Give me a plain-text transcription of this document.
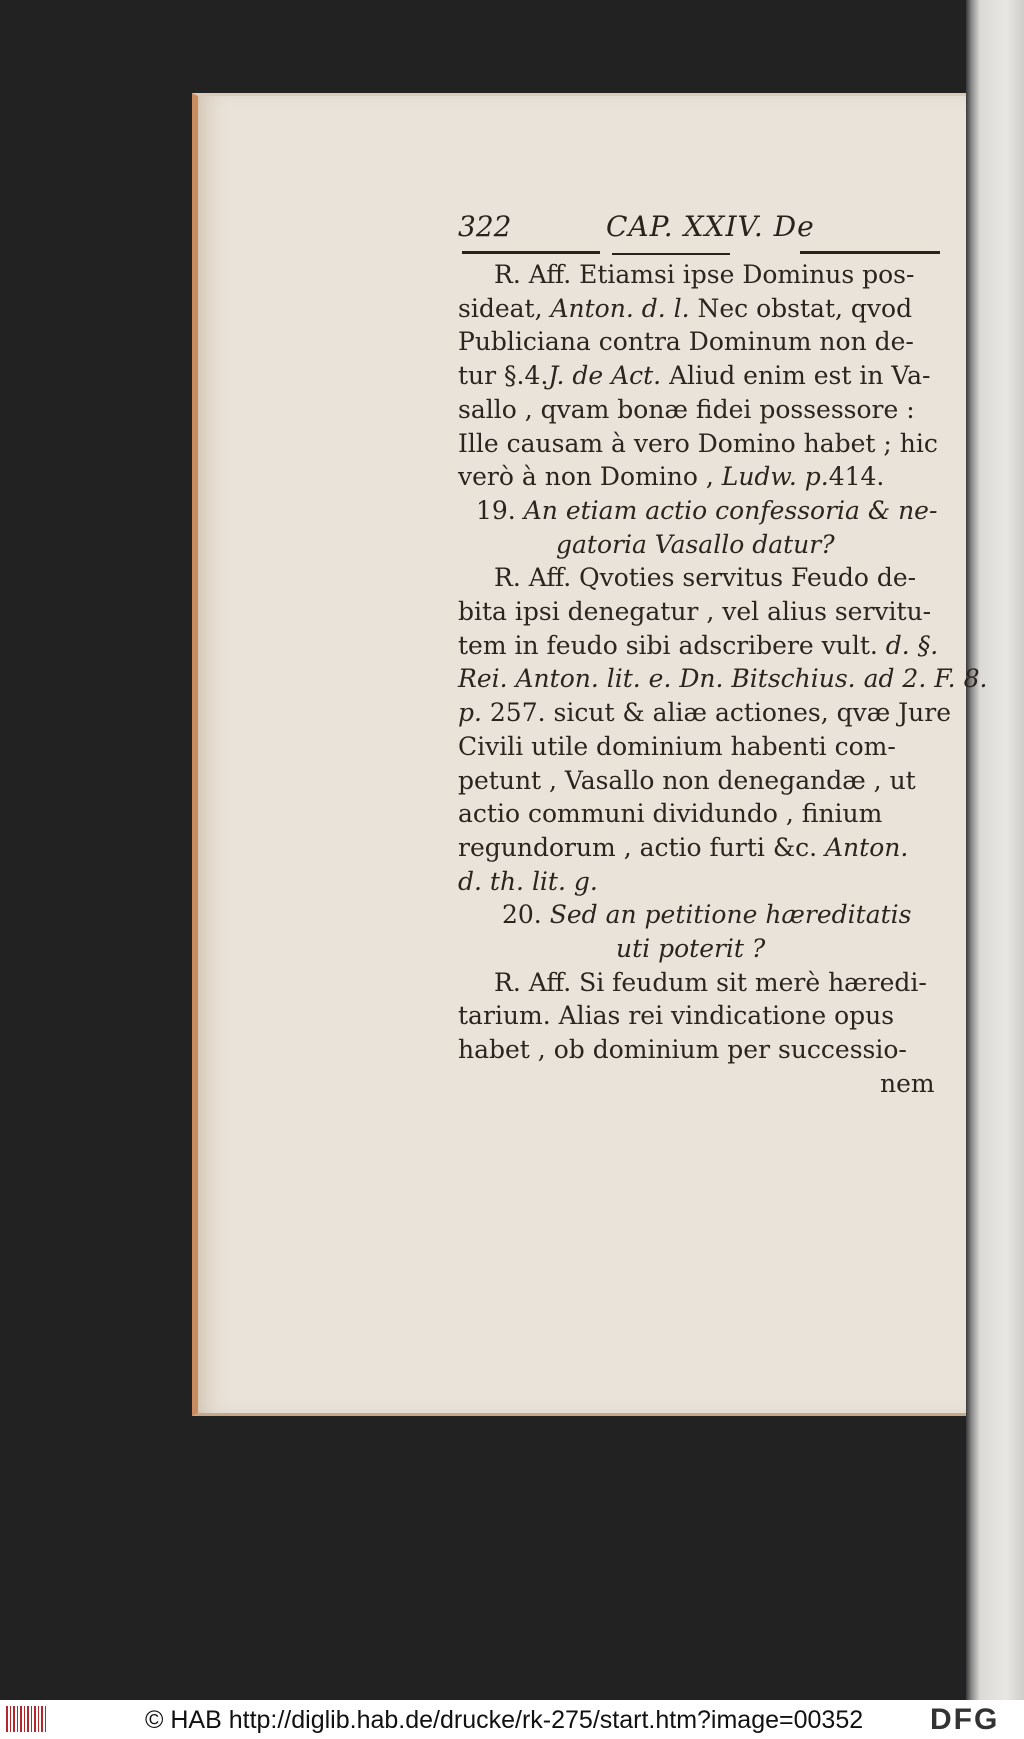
322	CAP. XXIV. De
R. Aff. Etiamsi ipse Dominus pos-
sideat, Anton. d. l. Nec obstat, qvod
Publiciana contra Dominum non de-
tur §.4.J. de Act. Aliud enim est in Va-
sallo , qvam bonæ fidei possessore :
Ille causam à vero Domino habet ; hic
verò à non Domino , Ludw. p.414.
19. An etiam actio confessoria & ne-
gatoria Vasallo datur?
R. Aff. Qvoties servitus Feudo de-
bita ipsi denegatur , vel alius servitu-
tem in feudo sibi adscribere vult. d. §.
Rei. Anton. lit. e. Dn. Bitschius. ad 2. F. 8.
p. 257. sicut & aliæ actiones, qvæ Jure
Civili utile dominium habenti com-
petunt , Vasallo non denegandæ , ut
actio communi dividundo , finium
regundorum , actio furti &c. Anton.
d. th. lit. g.
20. Sed an petitione hæreditatis
uti poterit ?
R. Aff. Si feudum sit merè hæredi-
tarium. Alias rei vindicatione opus
habet , ob dominium per successio-
nem
© HAB http://diglib.hab.de/drucke/rk-275/start.htm?image=00352 DFG
